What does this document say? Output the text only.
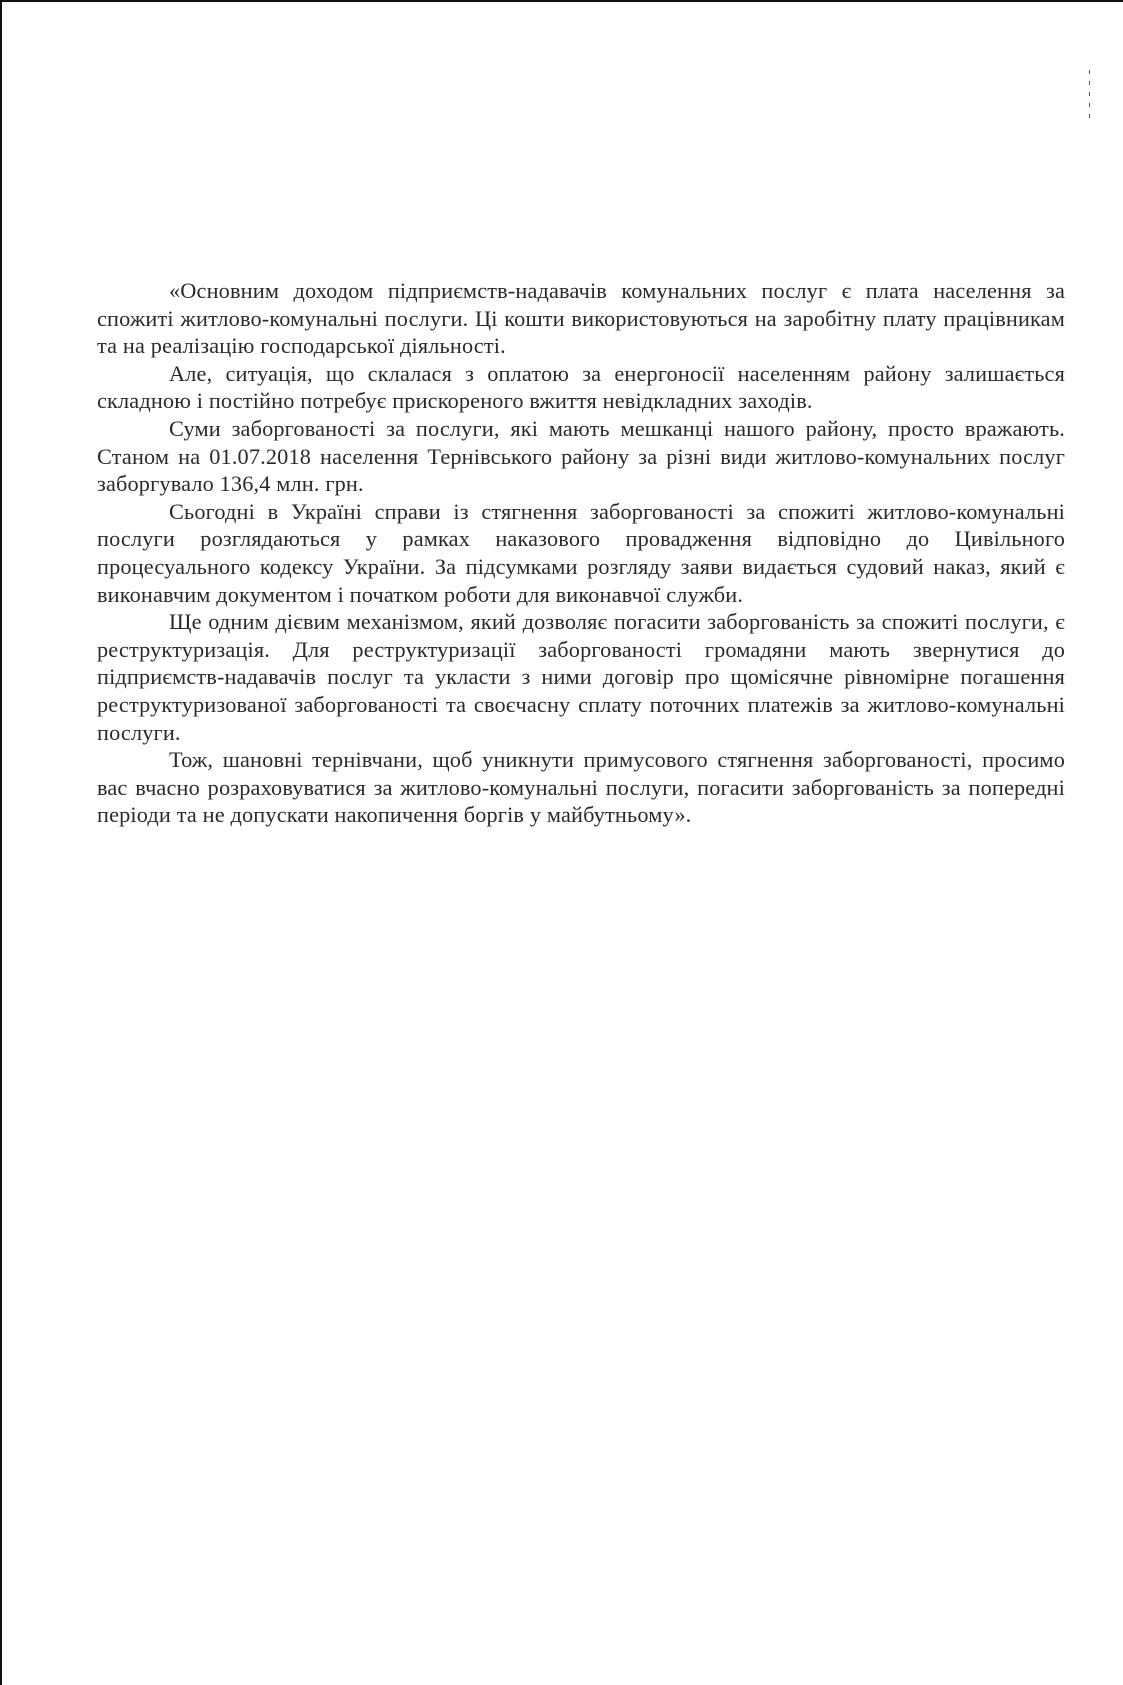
«Основним доходом підприємств-надавачів комунальних послуг є плата населення за спожиті житлово-комунальні послуги. Ці кошти використовуються на заробітну плату працівникам та на реалізацію господарської діяльності.

Але, ситуація, що склалася з оплатою за енергоносії населенням району залишається складною і постійно потребує прискореного вжиття невідкладних заходів.

Суми заборгованості за послуги, які мають мешканці нашого району, просто вражають. Станом на 01.07.2018 населення Тернівського району за різні види житлово-комунальних послуг заборгувало 136,4 млн. грн.

Сьогодні в Україні справи із стягнення заборгованості за спожиті житлово-комунальні послуги розглядаються у рамках наказового провадження відповідно до Цивільного процесуального кодексу України. За підсумками розгляду заяви видається судовий наказ, який є виконавчим документом і початком роботи для виконавчої служби.

Ще одним дієвим механізмом, який дозволяє погасити заборгованість за спожиті послуги, є реструктуризація. Для реструктуризації заборгованості громадяни мають звернутися до підприємств-надавачів послуг та укласти з ними договір про щомісячне рівномірне погашення реструктуризованої заборгованості та своєчасну сплату поточних платежів за житлово-комунальні послуги.

Тож, шановні тернівчани, щоб уникнути примусового стягнення заборгованості, просимо вас вчасно розраховуватися за житлово-комунальні послуги, погасити заборгованість за попередні періоди та не допускати накопичення боргів у майбутньому».
